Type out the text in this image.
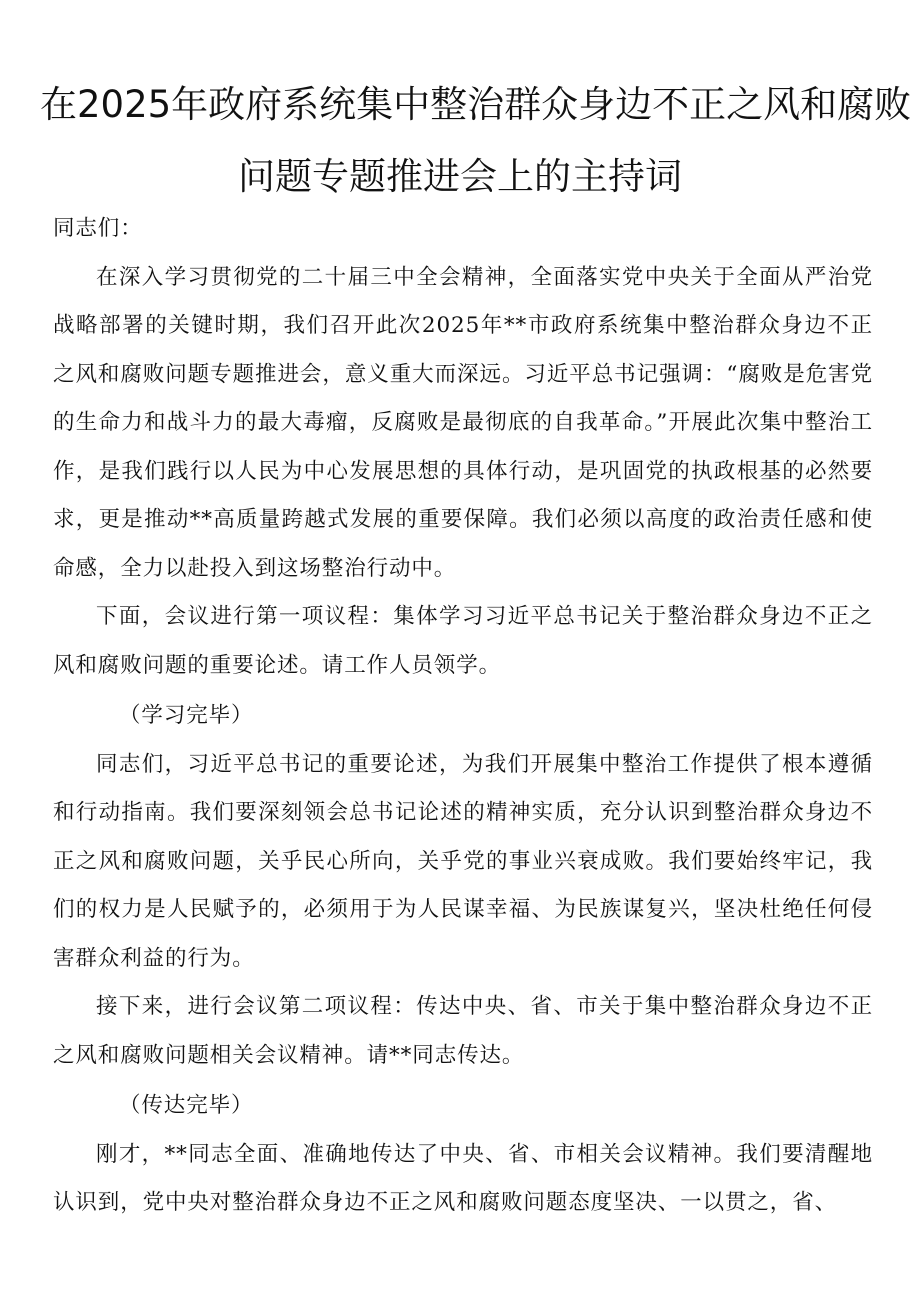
在2025年政府系统集中整治群众身边不正之风和腐败
问题专题推进会上的主持词

同志们：

在深入学习贯彻党的二十届三中全会精神，全面落实党中央关于全面从严治党战略部署的关键时期，我们召开此次2025年**市政府系统集中整治群众身边不正之风和腐败问题专题推进会，意义重大而深远。习近平总书记强调：“腐败是危害党的生命力和战斗力的最大毒瘤，反腐败是最彻底的自我革命。”开展此次集中整治工作，是我们践行以人民为中心发展思想的具体行动，是巩固党的执政根基的必然要求，更是推动**高质量跨越式发展的重要保障。我们必须以高度的政治责任感和使命感，全力以赴投入到这场整治行动中。

下面，会议进行第一项议程：集体学习习近平总书记关于整治群众身边不正之风和腐败问题的重要论述。请工作人员领学。

（学习完毕）

同志们，习近平总书记的重要论述，为我们开展集中整治工作提供了根本遵循和行动指南。我们要深刻领会总书记论述的精神实质，充分认识到整治群众身边不正之风和腐败问题，关乎民心所向，关乎党的事业兴衰成败。我们要始终牢记，我们的权力是人民赋予的，必须用于为人民谋幸福、为民族谋复兴，坚决杜绝任何侵害群众利益的行为。

接下来，进行会议第二项议程：传达中央、省、市关于集中整治群众身边不正之风和腐败问题相关会议精神。请**同志传达。

（传达完毕）

刚才，**同志全面、准确地传达了中央、省、市相关会议精神。我们要清醒地认识到，党中央对整治群众身边不正之风和腐败问题态度坚决、一以贯之，省、
